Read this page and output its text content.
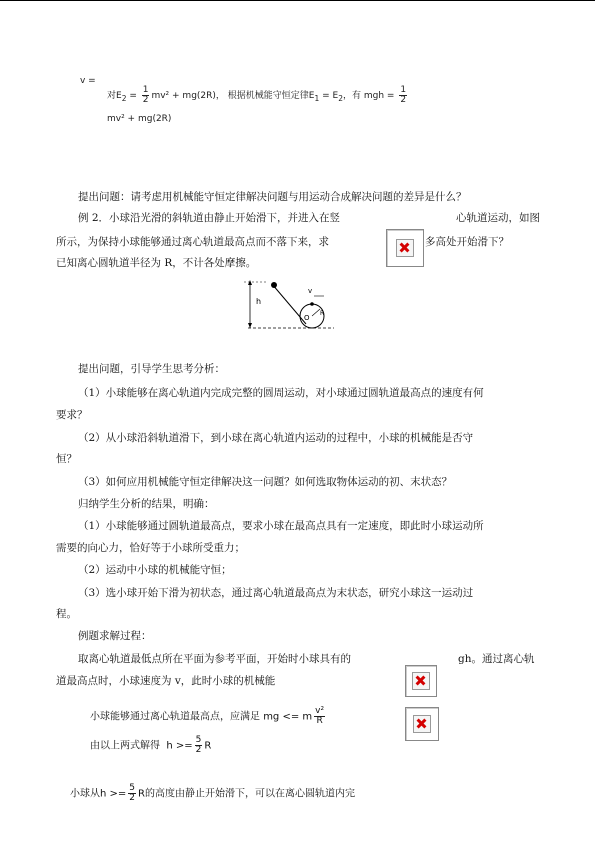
v =
对$E_2 = \frac{1}{2} mv^2 + mg(2R)$， 根据机械能守恒定律$E_1 = E_2$，有 mgh = $\frac{1}{2}$
mv² + mg(2R)
提出问题：请考虑用机械能守恒定律解决问题与用运动合成解决问题的差异是什么？
例 2．小球沿光滑的斜轨道由静止开始滑下，并进入在竖	心轨道运动，如图
所示，为保持小球能够通过离心轨道最高点而不落下来，求	多高处开始滑下？
已知离心圆轨道半径为 R，不计各处摩擦。
h
v
O
R
提出问题，引导学生思考分析：
（1）小球能够在离心轨道内完成完整的圆周运动，对小球通过圆轨道最高点的速度有何
要求？
（2）从小球沿斜轨道滑下，到小球在离心轨道内运动的过程中，小球的机械能是否守
恒？
（3）如何应用机械能守恒定律解决这一问题？如何选取物体运动的初、末状态？
归纳学生分析的结果，明确：
（1）小球能够通过圆轨道最高点，要求小球在最高点具有一定速度，即此时小球运动所
需要的向心力，恰好等于小球所受重力；
（2）运动中小球的机械能守恒；
（3）选小球开始下滑为初状态，通过离心轨道最高点为末状态，研究小球这一运动过
程。
例题求解过程：
取离心轨道最低点所在平面为参考平面，开始时小球具有的	gh。通过离心轨
道最高点时，小球速度为 v，此时小球的机械能
小球能够通过离心轨道最高点，应满足 mg <= m $\frac{\text{v²}}{R}$
由以上两式解得 $h >= \frac{5}{2}$ R
小球从$h >= \frac{5}{2}$ R的高度由静止开始滑下，可以在离心圆轨道内完
